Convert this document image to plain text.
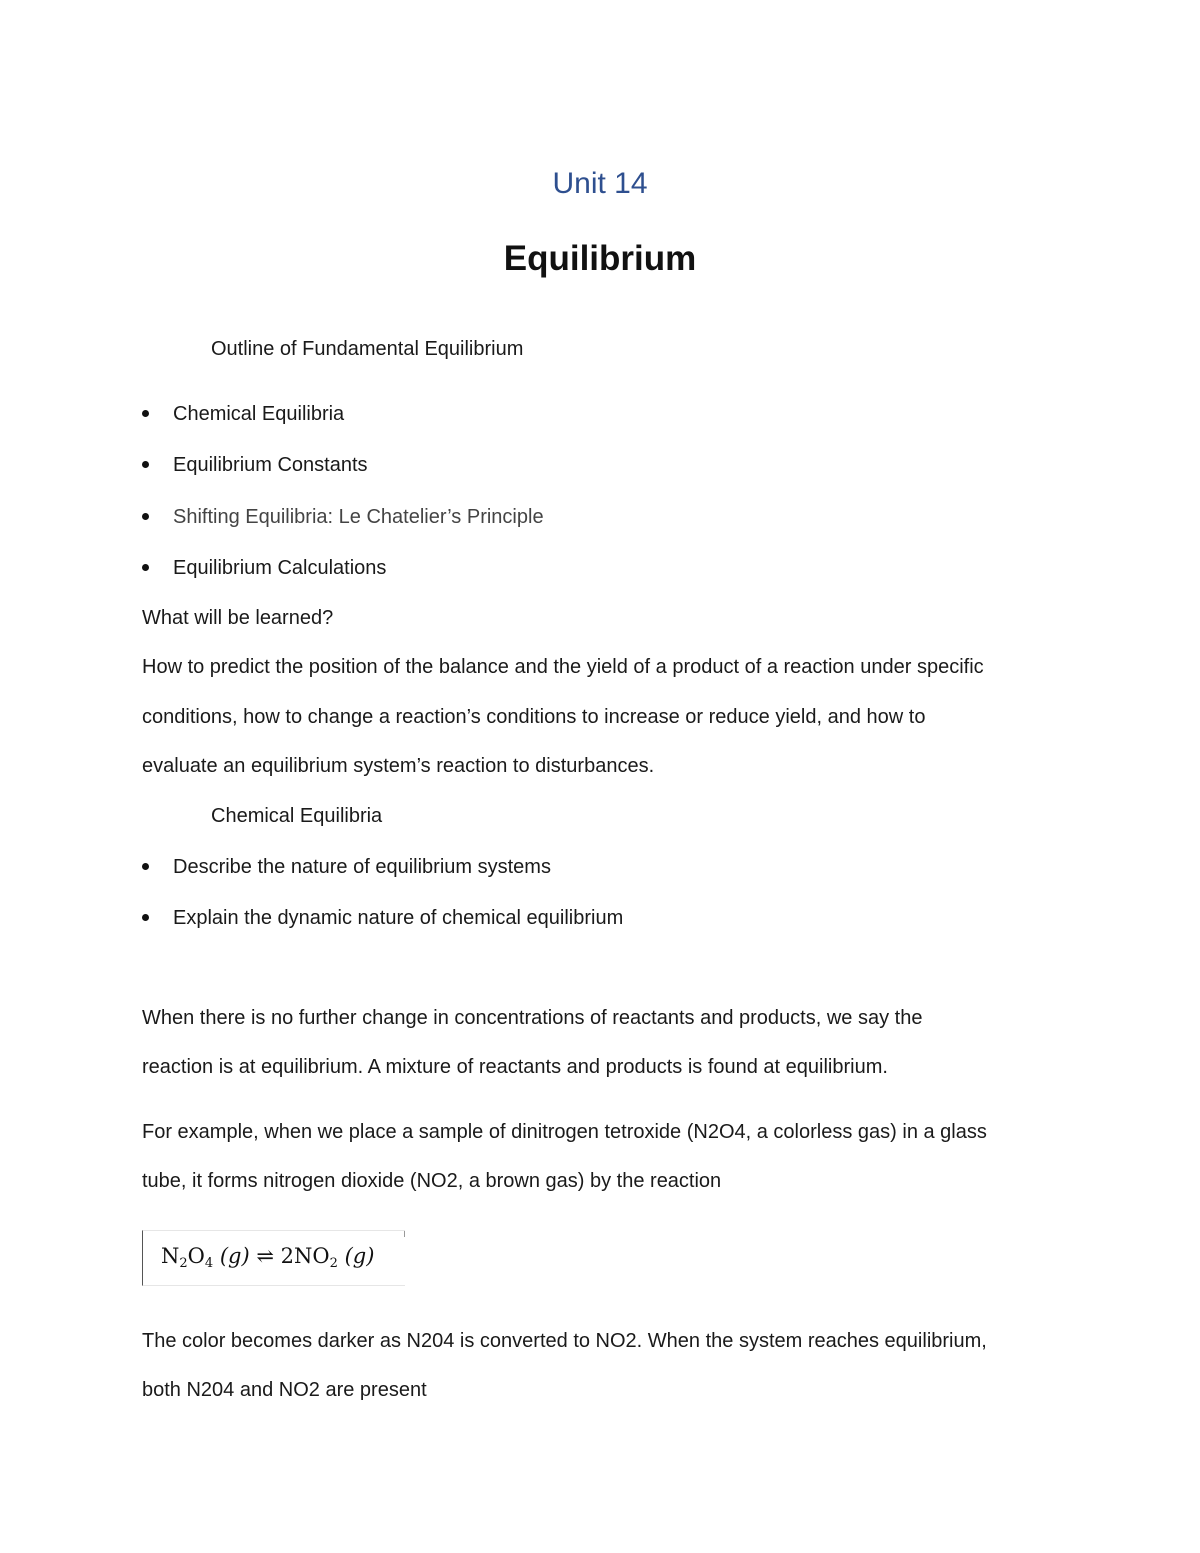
Unit 14
Equilibrium
Outline of Fundamental Equilibrium
Chemical Equilibria
Equilibrium Constants
Shifting Equilibria: Le Chatelier’s Principle
Equilibrium Calculations
What will be learned?
How to predict the position of the balance and the yield of a product of a reaction under specific
conditions, how to change a reaction’s conditions to increase or reduce yield, and how to
evaluate an equilibrium system’s reaction to disturbances.
Chemical Equilibria
Describe the nature of equilibrium systems
Explain the dynamic nature of chemical equilibrium
When there is no further change in concentrations of reactants and products, we say the
reaction is at equilibrium. A mixture of reactants and products is found at equilibrium.
For example, when we place a sample of dinitrogen tetroxide (N2O4, a colorless gas) in a glass
tube, it forms nitrogen dioxide (NO2, a brown gas) by the reaction
$N_2O_4$ (g) ⇌ $2NO_2$ (g)
The color becomes darker as N204 is converted to NO2. When the system reaches equilibrium,
both N204 and NO2 are present
